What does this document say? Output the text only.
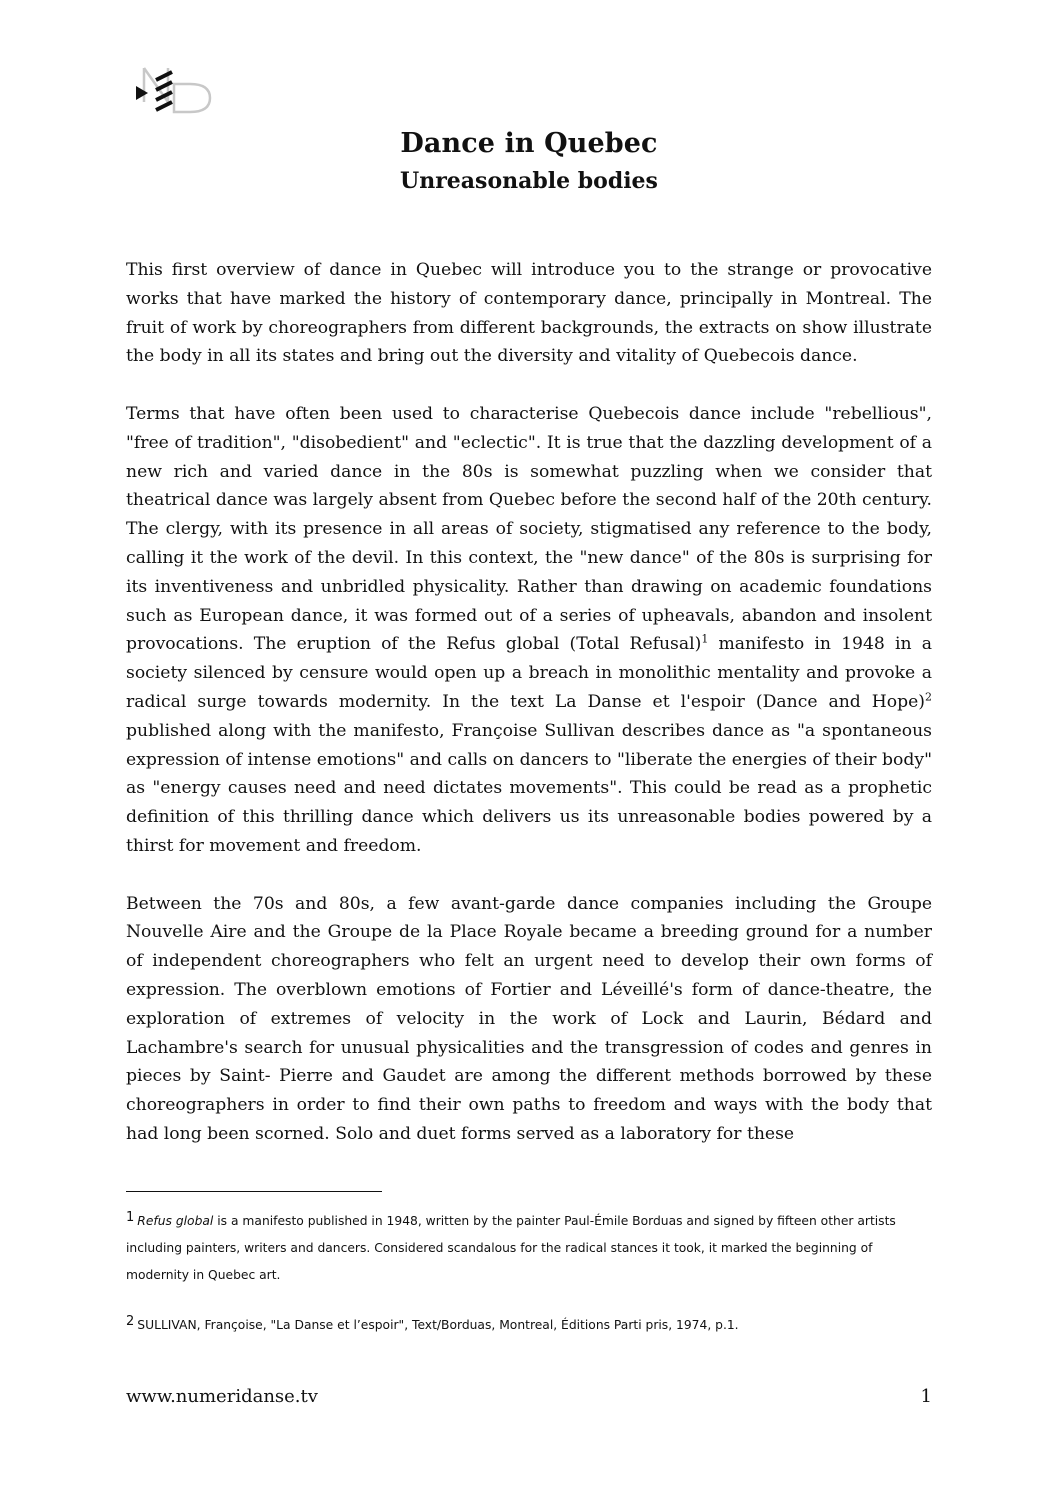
Dance in Quebec
Unreasonable bodies

This first overview of dance in Quebec will introduce you to the strange or provocative works that have marked the history of contemporary dance, principally in Montreal. The fruit of work by choreographers from different backgrounds, the extracts on show illustrate the body in all its states and bring out the diversity and vitality of Quebecois dance.

Terms that have often been used to characterise Quebecois dance include "rebellious", "free of tradition", "disobedient" and "eclectic". It is true that the dazzling development of a new rich and varied dance in the 80s is somewhat puzzling when we consider that theatrical dance was largely absent from Quebec before the second half of the 20th century. The clergy, with its presence in all areas of society, stigmatised any reference to the body, calling it the work of the devil. In this context, the "new dance" of the 80s is surprising for its inventiveness and unbridled physicality. Rather than drawing on academic foundations such as European dance, it was formed out of a series of upheavals, abandon and insolent provocations. The eruption of the Refus global (Total Refusal)$^1$ manifesto in 1948 in a society silenced by censure would open up a breach in monolithic mentality and provoke a radical surge towards modernity. In the text La Danse et l'espoir (Dance and Hope)$^2$ published along with the manifesto, Françoise Sullivan describes dance as "a spontaneous expression of intense emotions" and calls on dancers to "liberate the energies of their body" as "energy causes need and need dictates movements". This could be read as a prophetic definition of this thrilling dance which delivers us its unreasonable bodies powered by a thirst for movement and freedom.

Between the 70s and 80s, a few avant-garde dance companies including the Groupe Nouvelle Aire and the Groupe de la Place Royale became a breeding ground for a number of independent choreographers who felt an urgent need to develop their own forms of expression. The overblown emotions of Fortier and Léveillé's form of dance-theatre, the exploration of extremes of velocity in the work of Lock and Laurin, Bédard and Lachambre's search for unusual physicalities and the transgression of codes and genres in pieces by Saint- Pierre and Gaudet are among the different methods borrowed by these choreographers in order to find their own paths to freedom and ways with the body that had long been scorned. Solo and duet forms served as a laboratory for these

1 Refus global is a manifesto published in 1948, written by the painter Paul-Émile Borduas and signed by fifteen other artists including painters, writers and dancers. Considered scandalous for the radical stances it took, it marked the beginning of modernity in Quebec art.

2 SULLIVAN, Françoise, "La Danse et l’espoir", Text/Borduas, Montreal, Éditions Parti pris, 1974, p.1.

www.numeridanse.tv	1
